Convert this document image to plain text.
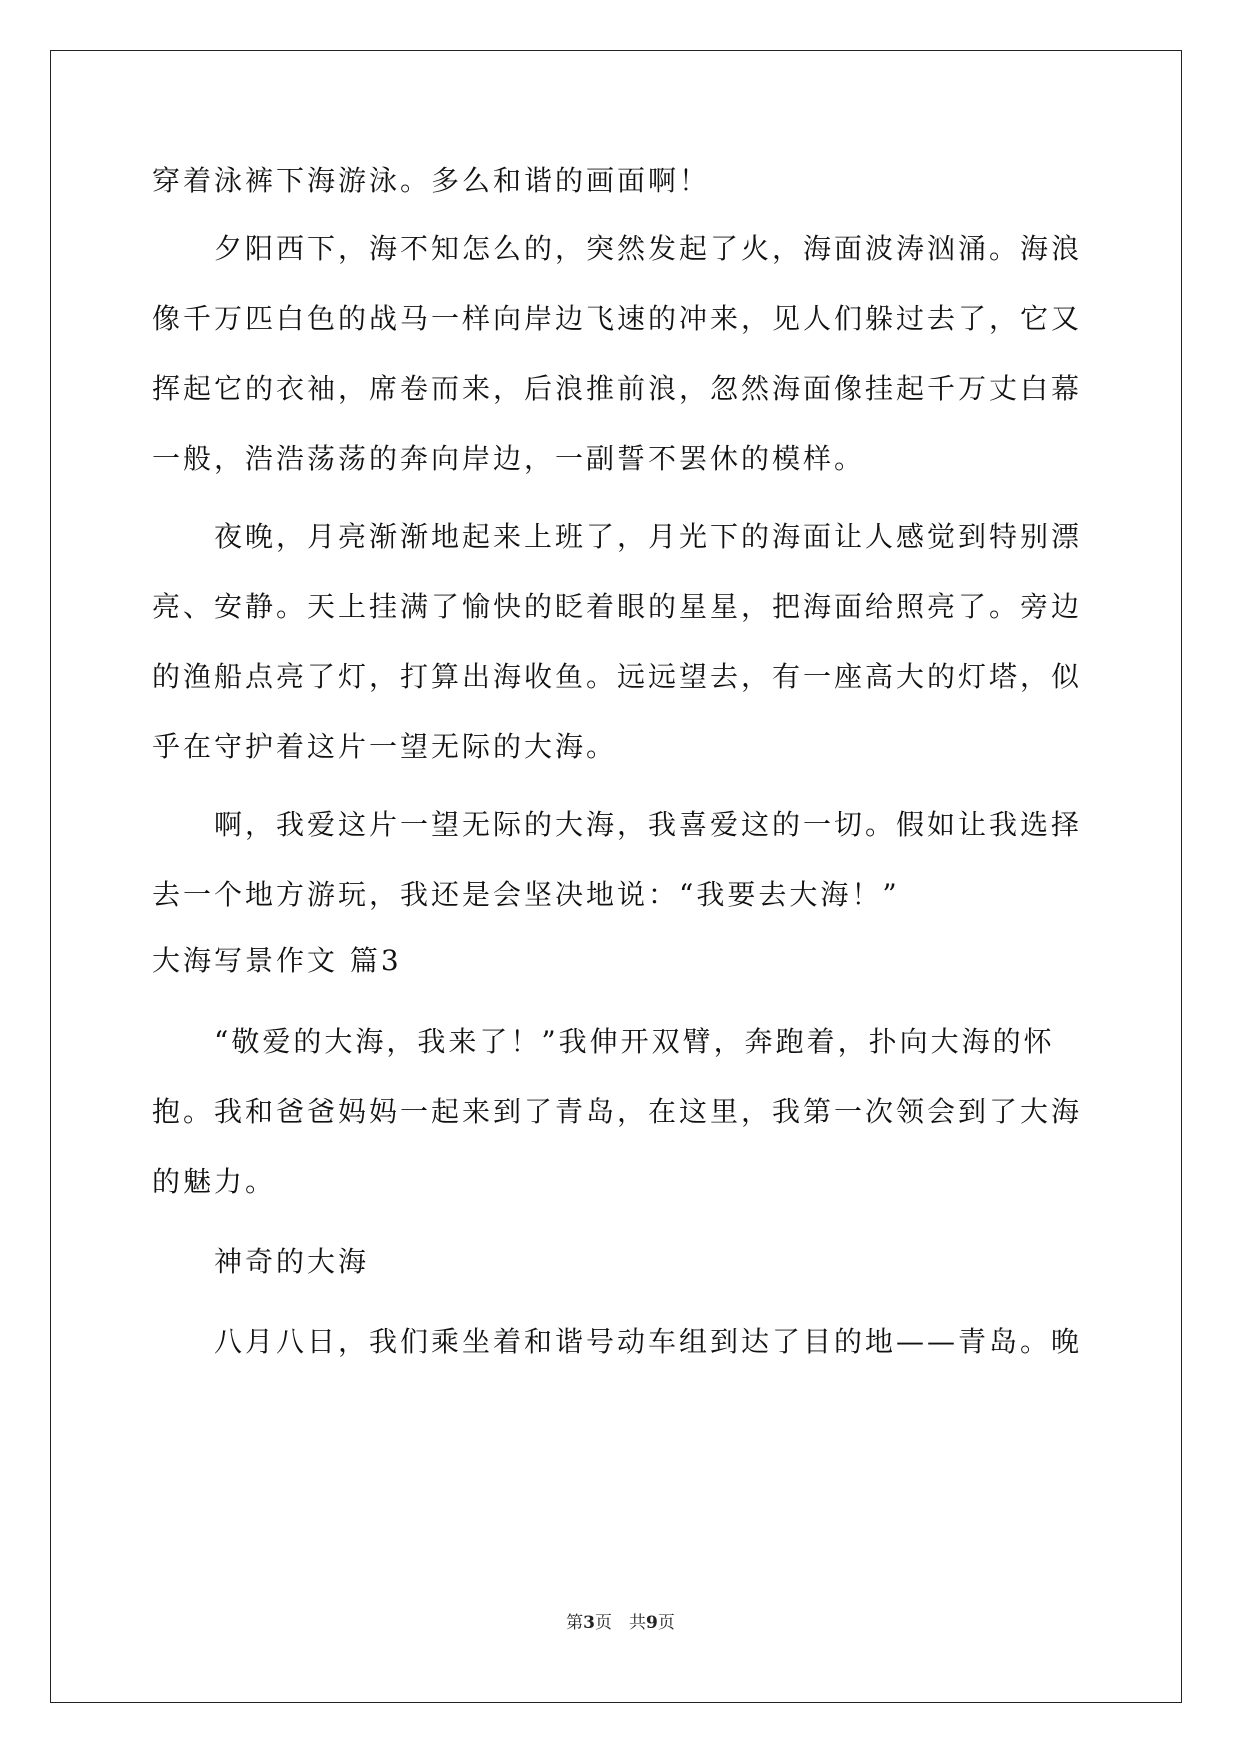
穿着泳裤下海游泳。多么和谐的画面啊！

　　夕阳西下，海不知怎么的，突然发起了火，海面波涛汹涌。海浪

像千万匹白色的战马一样向岸边飞速的冲来，见人们躲过去了，它又

挥起它的衣袖，席卷而来，后浪推前浪，忽然海面像挂起千万丈白幕

一般，浩浩荡荡的奔向岸边，一副誓不罢休的模样。

　　夜晚，月亮渐渐地起来上班了，月光下的海面让人感觉到特别漂

亮、安静。天上挂满了愉快的眨着眼的星星，把海面给照亮了。旁边

的渔船点亮了灯，打算出海收鱼。远远望去，有一座高大的灯塔，似

乎在守护着这片一望无际的大海。

　　啊，我爱这片一望无际的大海，我喜爱这的一切。假如让我选择

去一个地方游玩，我还是会坚决地说：“我要去大海！”

大海写景作文 篇3

　　“敬爱的大海，我来了！”我伸开双臂，奔跑着，扑向大海的怀

抱。我和爸爸妈妈一起来到了青岛，在这里，我第一次领会到了大海

的魅力。

　　神奇的大海

　　八月八日，我们乘坐着和谐号动车组到达了目的地——青岛。晚

第3页　共9页
